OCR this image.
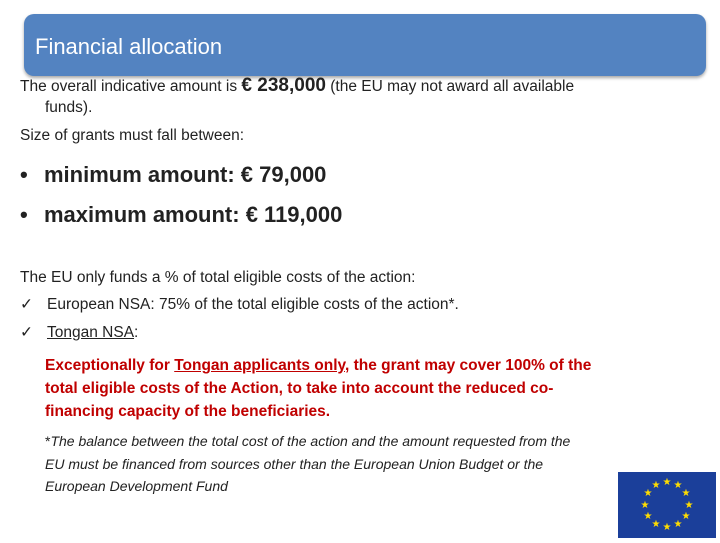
Financial allocation
The overall indicative amount is € 238,000 (the EU may not award all available
funds).
Size of grants must fall between:
• minimum amount: € 79,000
• maximum amount: € 119,000
The EU only funds a % of total eligible costs of the action:
✓ European NSA: 75% of the total eligible costs of the action*.
✓ Tongan NSA:
Exceptionally for Tongan applicants only, the grant may cover 100% of the
total eligible costs of the Action, to take into account the reduced co-
financing capacity of the beneficiaries.
*The balance between the total cost of the action and the amount requested from the
EU must be financed from sources other than the European Union Budget or the
European Development Fund	★ ★
★
★
★
★
★
★
★
★
★
★
